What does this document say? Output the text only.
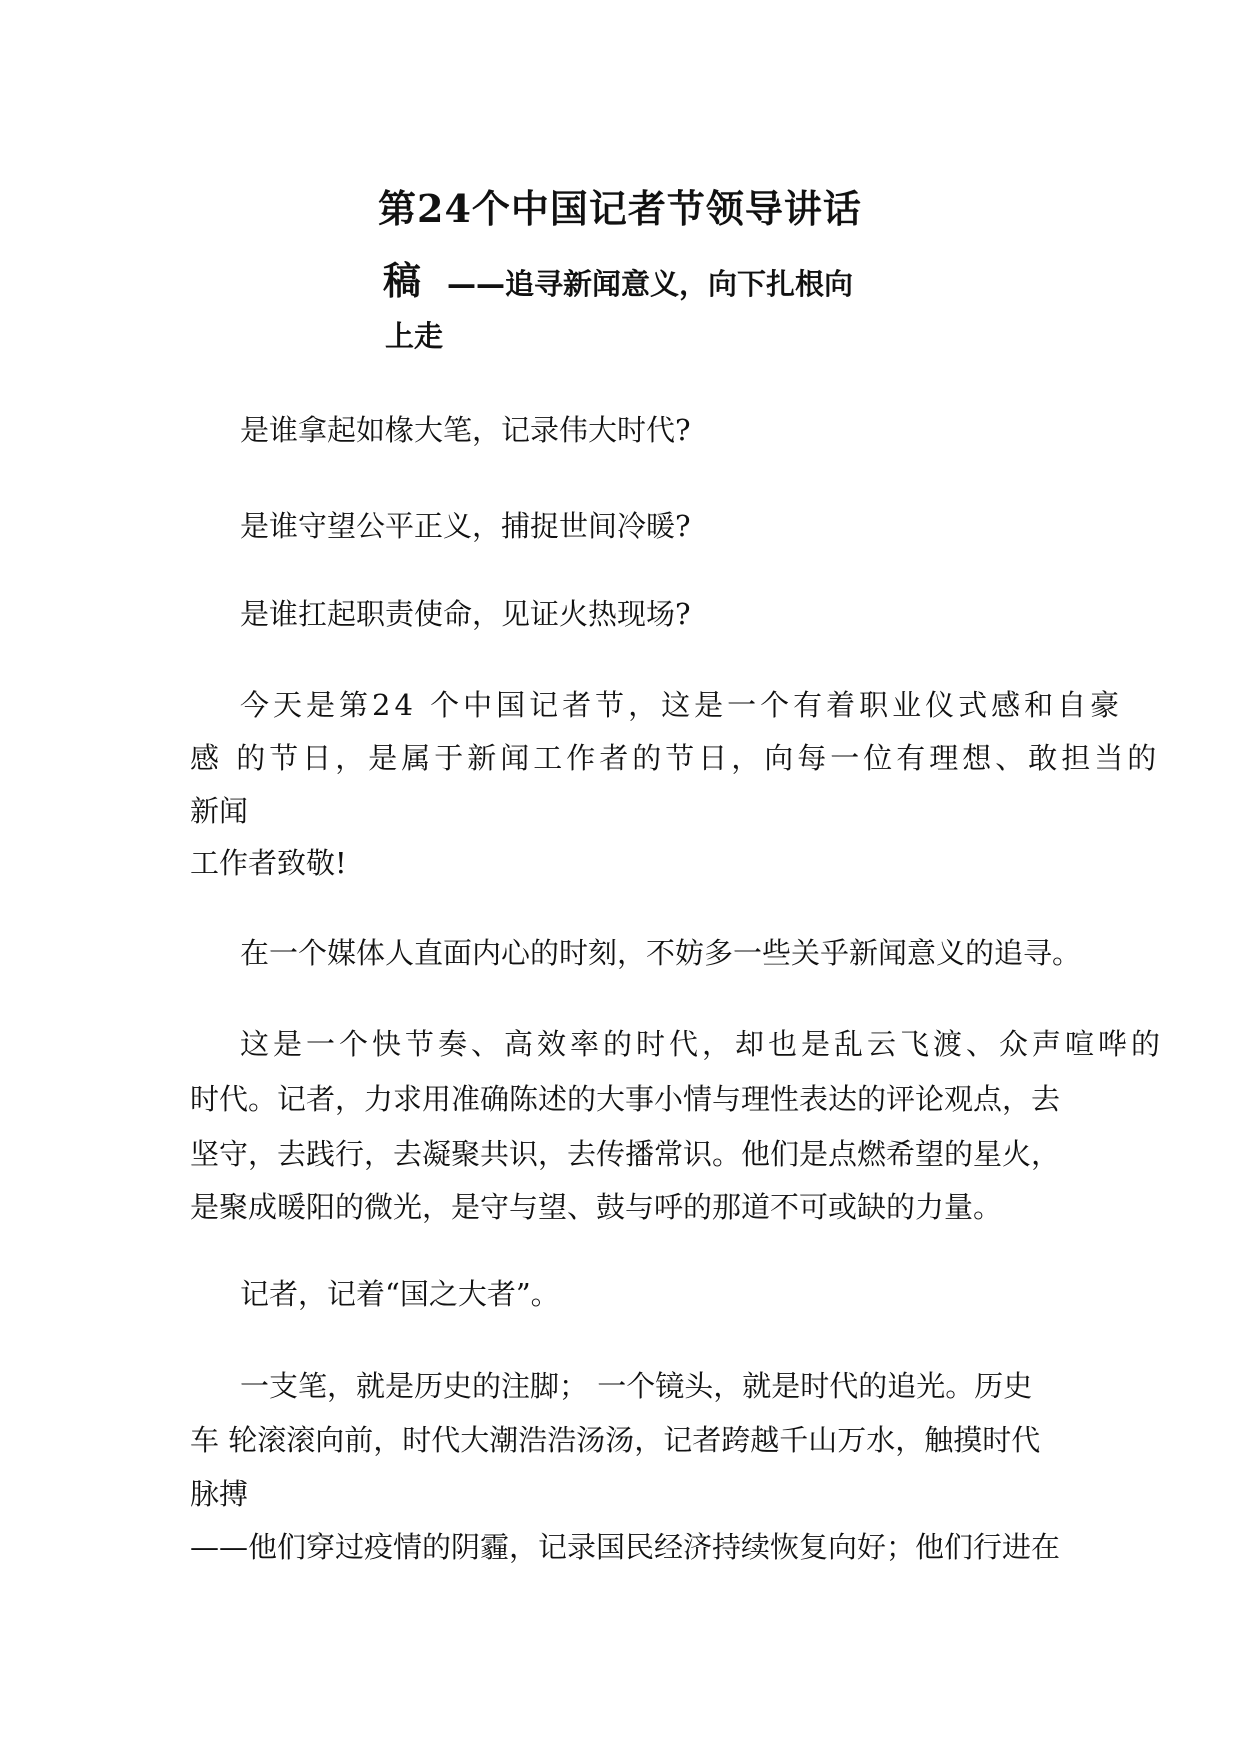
第24个中国记者节领导讲话
稿 ——追寻新闻意义，向下扎根向
上走
是谁拿起如椽大笔，记录伟大时代?
是谁守望公平正义，捕捉世间冷暖?
是谁扛起职责使命，见证火热现场?
今天是第24 个中国记者节，这是一个有着职业仪式感和自豪
感 的节日，是属于新闻工作者的节日，向每一位有理想、敢担当的
新闻
工作者致敬!
在一个媒体人直面内心的时刻，不妨多一些关乎新闻意义的追寻。
这是一个快节奏、高效率的时代，却也是乱云飞渡、众声喧哗的
时代。记者，力求用准确陈述的大事小情与理性表达的评论观点，去
坚守，去践行，去凝聚共识，去传播常识。他们是点燃希望的星火，
是聚成暖阳的微光，是守与望、鼓与呼的那道不可或缺的力量。
记者，记着“国之大者”。
一支笔，就是历史的注脚； 一个镜头，就是时代的追光。历史
车 轮滚滚向前，时代大潮浩浩汤汤，记者跨越千山万水，触摸时代
脉搏
——他们穿过疫情的阴霾，记录国民经济持续恢复向好；他们行进在
